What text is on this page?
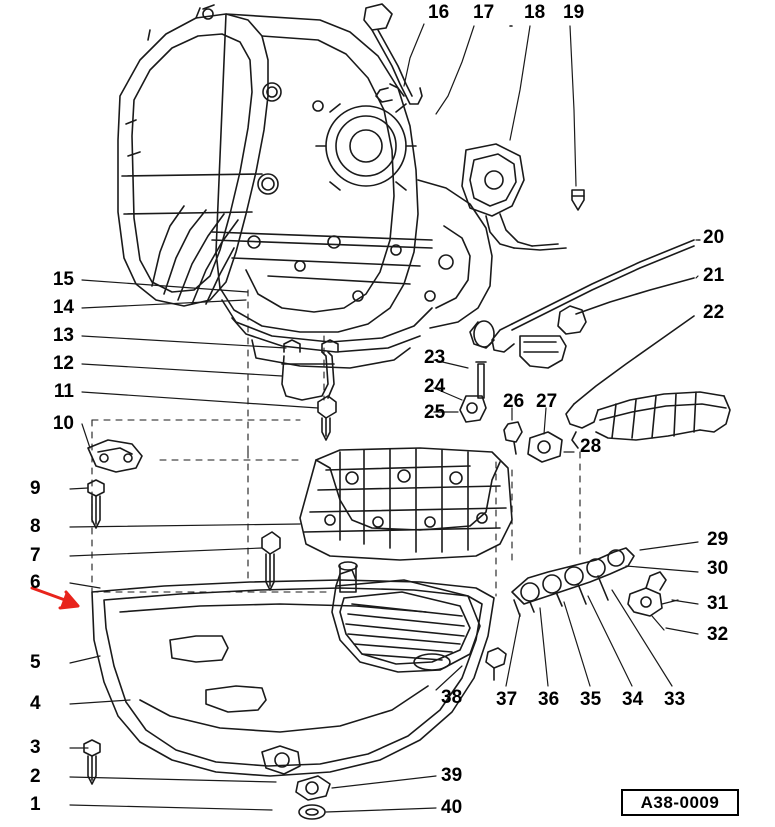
1
2
3
4
5
6
7
8
9
10
11
12
13
14
15
16 17 18 19
20
21
22
23
24
25
26 27
28
29
30
31
32
33
34
35
36
37
38
39
40	A38-0009
